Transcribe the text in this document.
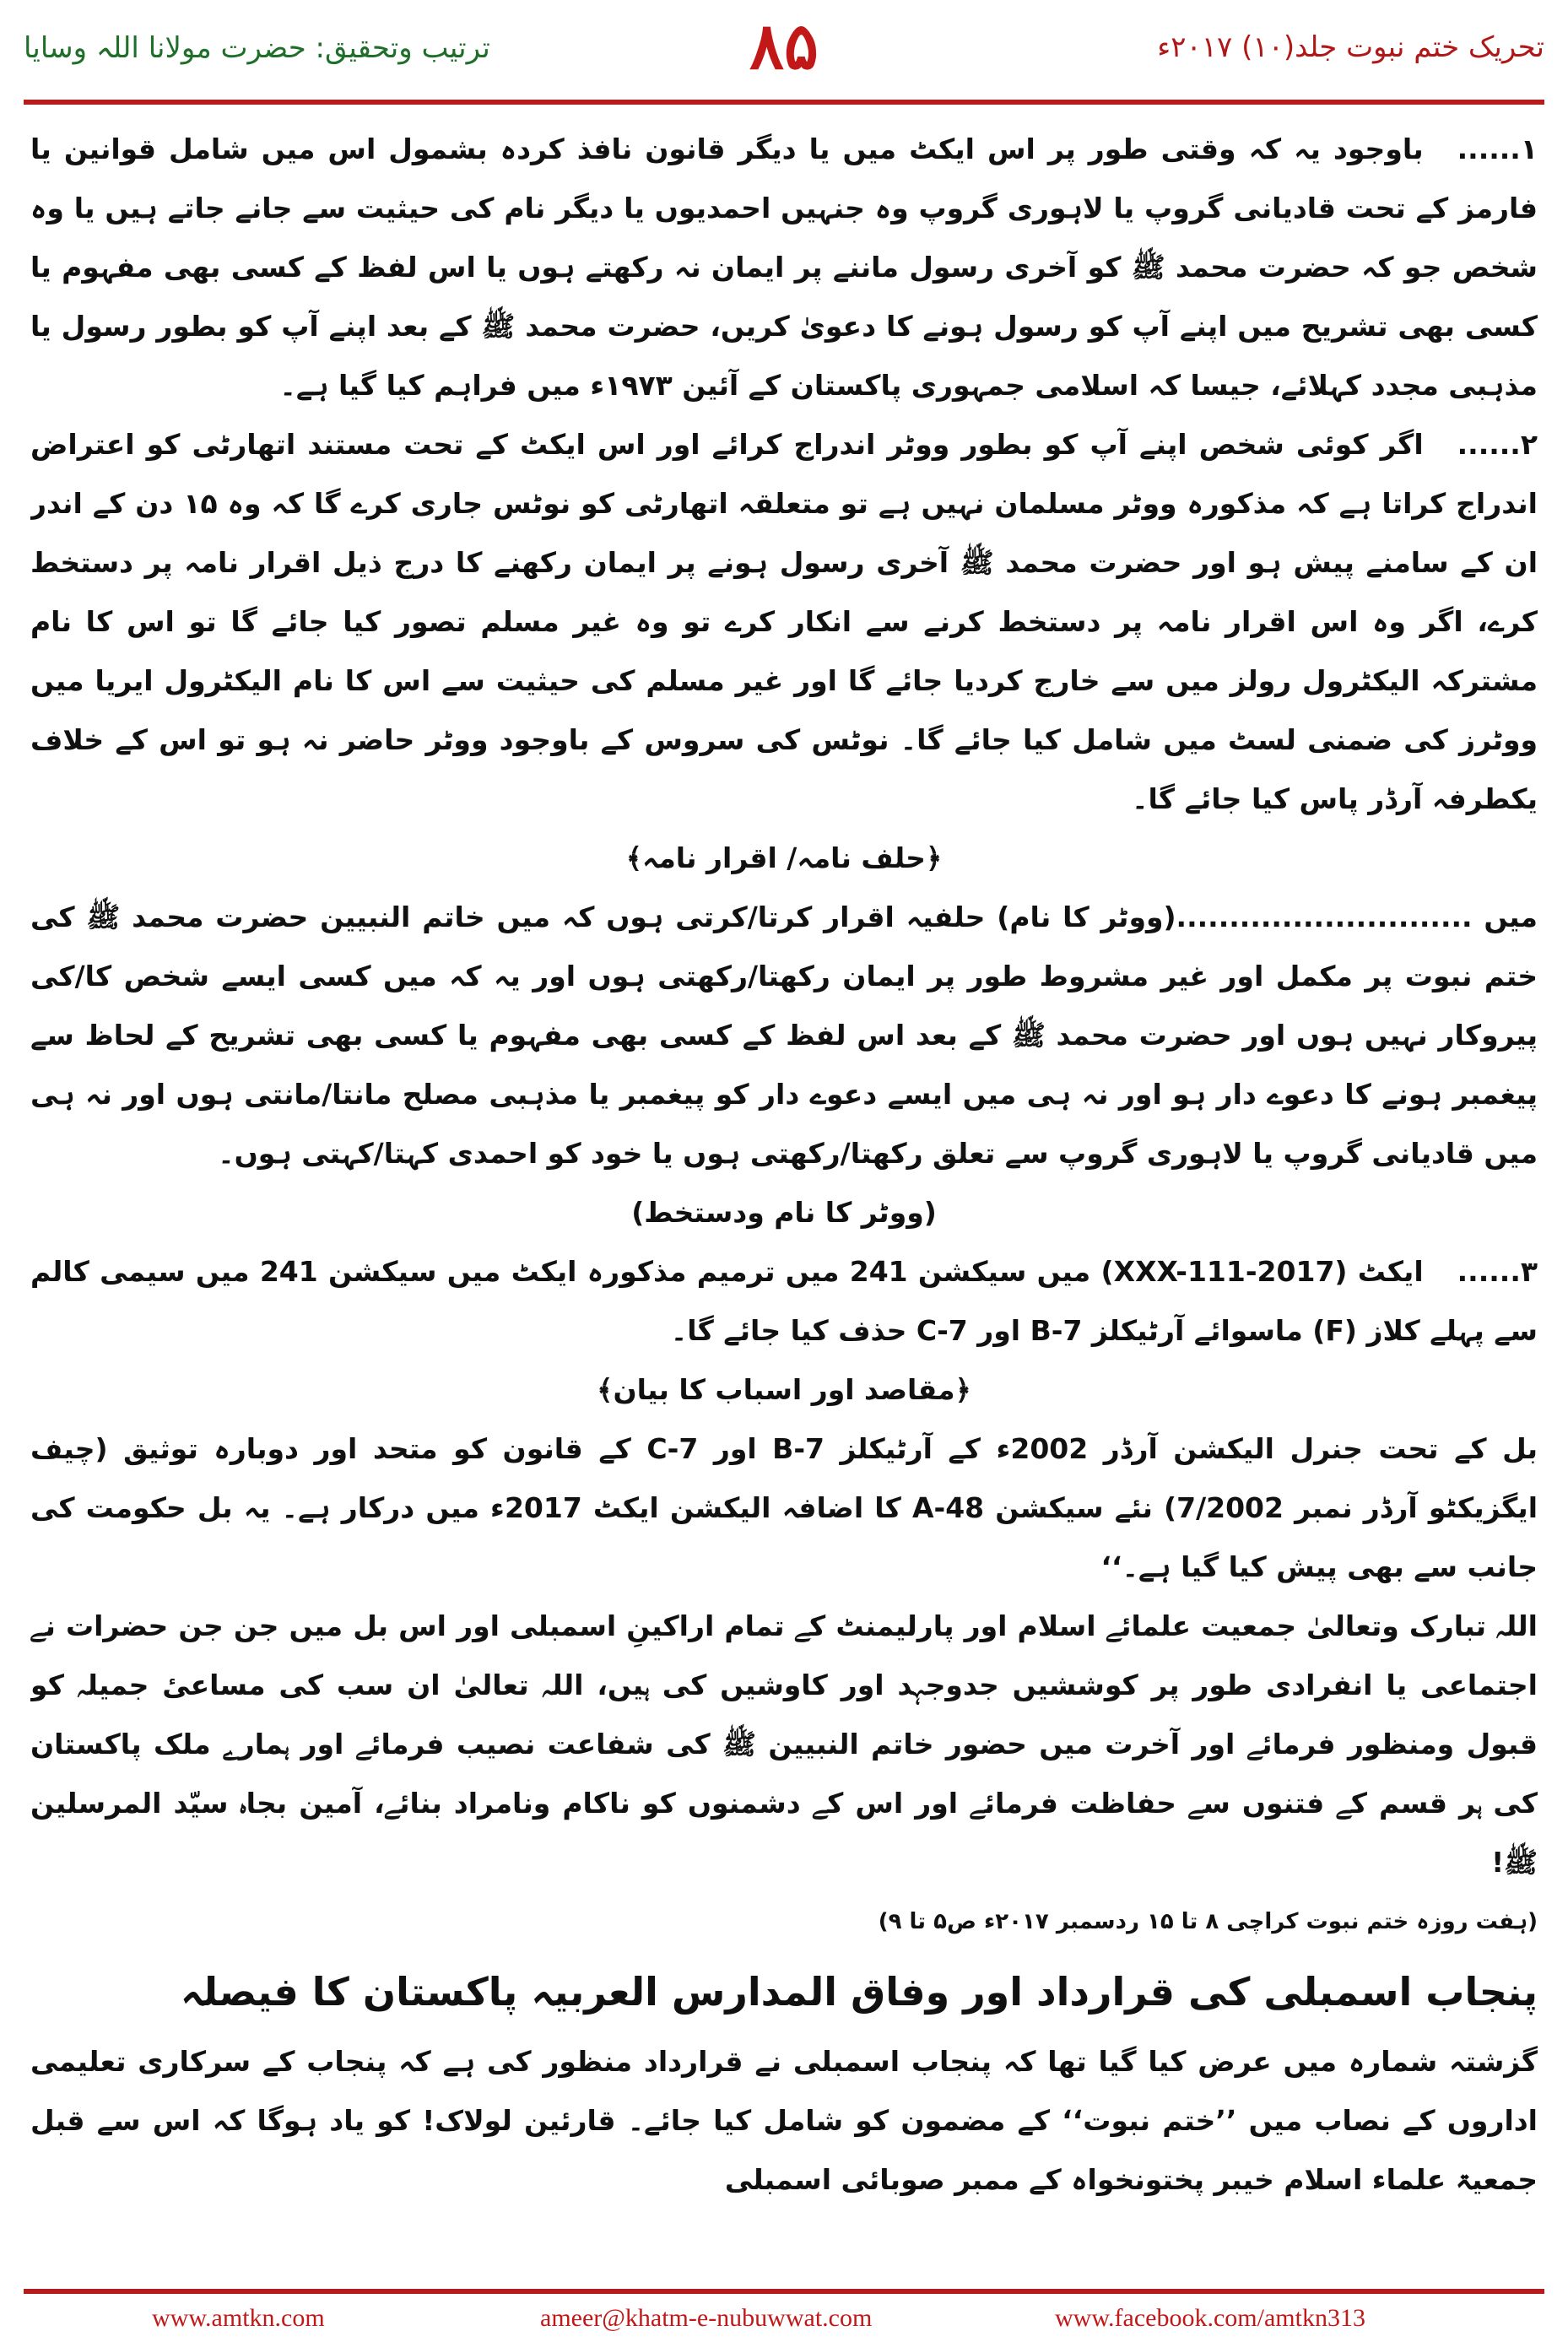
ترتیب وتحقیق: حضرت مولانا اللہ وسایا	۸۵	تحریک ختم نبوت جلد(۱۰) ۲۰۱۷ء

۱......باوجود یہ کہ وقتی طور پر اس ایکٹ میں یا دیگر قانون نافذ کردہ بشمول اس میں شامل قوانین یا فارمز کے تحت قادیانی گروپ یا لاہوری گروپ وہ جنہیں احمدیوں یا دیگر نام کی حیثیت سے جانے جاتے ہیں یا وہ شخص جو کہ حضرت محمد ﷺ کو آخری رسول ماننے پر ایمان نہ رکھتے ہوں یا اس لفظ کے کسی بھی مفہوم یا کسی بھی تشریح میں اپنے آپ کو رسول ہونے کا دعویٰ کریں، حضرت محمد ﷺ کے بعد اپنے آپ کو بطور رسول یا مذہبی مجدد کہلائے، جیسا کہ اسلامی جمہوری پاکستان کے آئین ۱۹۷۳ء میں فراہم کیا گیا ہے۔

۲......اگر کوئی شخص اپنے آپ کو بطور ووٹر اندراج کرائے اور اس ایکٹ کے تحت مستند اتھارٹی کو اعتراض اندراج کراتا ہے کہ مذکورہ ووٹر مسلمان نہیں ہے تو متعلقہ اتھارٹی کو نوٹس جاری کرے گا کہ وہ ۱۵ دن کے اندر ان کے سامنے پیش ہو اور حضرت محمد ﷺ آخری رسول ہونے پر ایمان رکھنے کا درج ذیل اقرار نامہ پر دستخط کرے، اگر وہ اس اقرار نامہ پر دستخط کرنے سے انکار کرے تو وہ غیر مسلم تصور کیا جائے گا تو اس کا نام مشترکہ الیکٹرول رولز میں سے خارج کردیا جائے گا اور غیر مسلم کی حیثیت سے اس کا نام الیکٹرول ایریا میں ووٹرز کی ضمنی لسٹ میں شامل کیا جائے گا۔ نوٹس کی سروس کے باوجود ووٹر حاضر نہ ہو تو اس کے خلاف یکطرفہ آرڈر پاس کیا جائے گا۔

﴿حلف نامہ/ اقرار نامہ﴾

میں ............................(ووٹر کا نام) حلفیہ اقرار کرتا/کرتی ہوں کہ میں خاتم النبیین حضرت محمد ﷺ کی ختم نبوت پر مکمل اور غیر مشروط طور پر ایمان رکھتا/رکھتی ہوں اور یہ کہ میں کسی ایسے شخص کا/کی پیروکار نہیں ہوں اور حضرت محمد ﷺ کے بعد اس لفظ کے کسی بھی مفہوم یا کسی بھی تشریح کے لحاظ سے پیغمبر ہونے کا دعوے دار ہو اور نہ ہی میں ایسے دعوے دار کو پیغمبر یا مذہبی مصلح مانتا/مانتی ہوں اور نہ ہی میں قادیانی گروپ یا لاہوری گروپ سے تعلق رکھتا/رکھتی ہوں یا خود کو احمدی کہتا/کہتی ہوں۔

(ووٹر کا نام ودستخط)

۳......ایکٹ (XXX-111-2017) میں سیکشن 241 میں ترمیم مذکورہ ایکٹ میں سیکشن 241 میں سیمی کالم سے پہلے کلاز (F) ماسوائے آرٹیکلز 7-B اور 7-C حذف کیا جائے گا۔

﴿مقاصد اور اسباب کا بیان﴾

بل کے تحت جنرل الیکشن آرڈر 2002ء کے آرٹیکلز 7-B اور 7-C کے قانون کو متحد اور دوبارہ توثیق (چیف ایگزیکٹو آرڈر نمبر 7/2002) نئے سیکشن 48-A کا اضافہ الیکشن ایکٹ 2017ء میں درکار ہے۔ یہ بل حکومت کی جانب سے بھی پیش کیا گیا ہے۔‘‘

اللہ تبارک وتعالیٰ جمعیت علمائے اسلام اور پارلیمنٹ کے تمام اراکینِ اسمبلی اور اس بل میں جن جن حضرات نے اجتماعی یا انفرادی طور پر کوششیں جدوجہد اور کاوشیں کی ہیں، اللہ تعالیٰ ان سب کی مساعیٔ جمیلہ کو قبول ومنظور فرمائے اور آخرت میں حضور خاتم النبیین ﷺ کی شفاعت نصیب فرمائے اور ہمارے ملک پاکستان کی ہر قسم کے فتنوں سے حفاظت فرمائے اور اس کے دشمنوں کو ناکام ونامراد بنائے، آمین بجاہ سیّد المرسلین ﷺ!

(ہفت روزہ ختم نبوت کراچی ۸ تا ۱۵ ردسمبر ۲۰۱۷ء ص۵ تا ۹)

پنجاب اسمبلی کی قرارداد اور وفاق المدارس العربیہ پاکستان کا فیصلہ

گزشتہ شمارہ میں عرض کیا گیا تھا کہ پنجاب اسمبلی نے قرارداد منظور کی ہے کہ پنجاب کے سرکاری تعلیمی اداروں کے نصاب میں ’’ختم نبوت‘‘ کے مضمون کو شامل کیا جائے۔ قارئین لولاک! کو یاد ہوگا کہ اس سے قبل جمعیۃ علماء اسلام خیبر پختونخواہ کے ممبر صوبائی اسمبلی

www.amtkn.com	ameer@khatm-e-nubuwwat.com	www.facebook.com/amtkn313
